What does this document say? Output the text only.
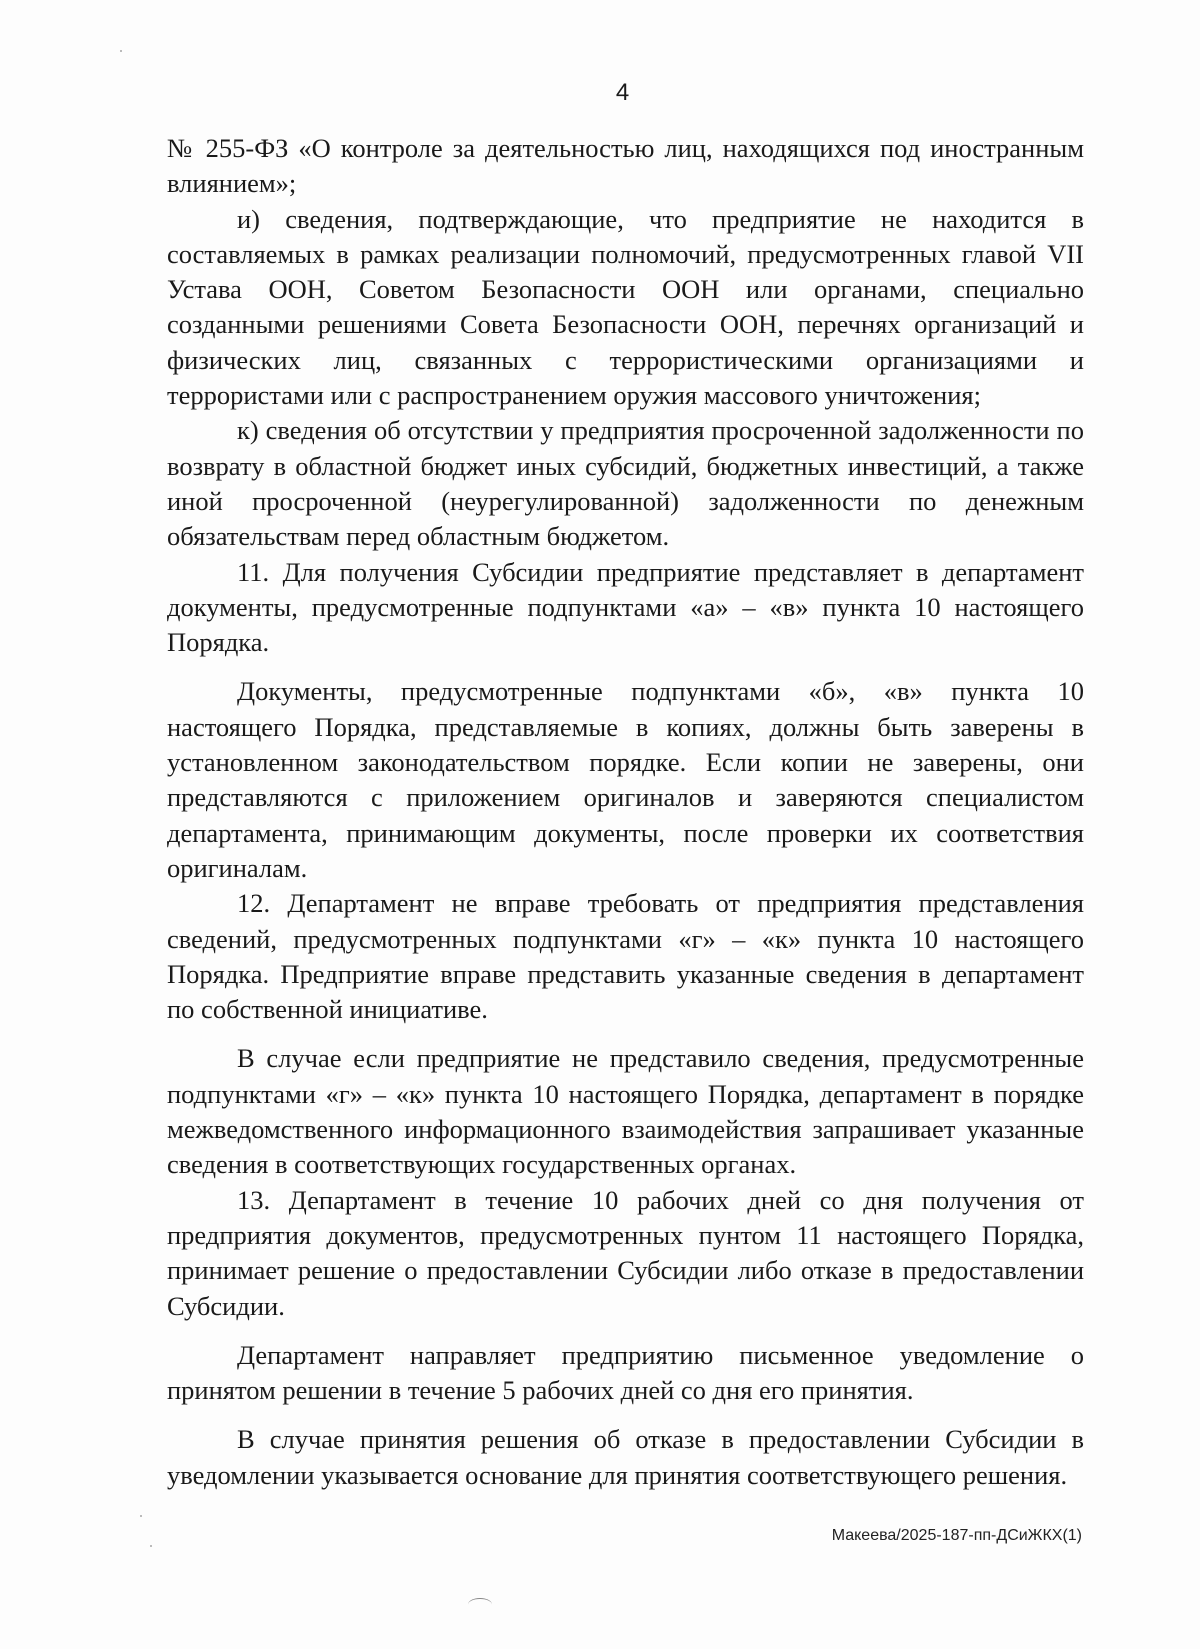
4

№ 255-ФЗ «О контроле за деятельностью лиц, находящихся под иностранным влиянием»;

и) сведения, подтверждающие, что предприятие не находится в составляемых в рамках реализации полномочий, предусмотренных главой VII Устава ООН, Советом Безопасности ООН или органами, специально созданными решениями Совета Безопасности ООН, перечнях организаций и физических лиц, связанных с террористическими организациями и террористами или с распространением оружия массового уничтожения;

к) сведения об отсутствии у предприятия просроченной задолженности по возврату в областной бюджет иных субсидий, бюджетных инвестиций, а также иной просроченной (неурегулированной) задолженности по денежным обязательствам перед областным бюджетом.

11. Для получения Субсидии предприятие представляет в департамент документы, предусмотренные подпунктами «а» – «в» пункта 10 настоящего Порядка.

Документы, предусмотренные подпунктами «б», «в» пункта 10 настоящего Порядка, представляемые в копиях, должны быть заверены в установленном законодательством порядке. Если копии не заверены, они представляются с приложением оригиналов и заверяются специалистом департамента, принимающим документы, после проверки их соответствия оригиналам.

12. Департамент не вправе требовать от предприятия представления сведений, предусмотренных подпунктами «г» – «к» пункта 10 настоящего Порядка. Предприятие вправе представить указанные сведения в департамент по собственной инициативе.

В случае если предприятие не представило сведения, предусмотренные подпунктами «г» – «к» пункта 10 настоящего Порядка, департамент в порядке межведомственного информационного взаимодействия запрашивает указанные сведения в соответствующих государственных органах.

13. Департамент в течение 10 рабочих дней со дня получения от предприятия документов, предусмотренных пунтом 11 настоящего Порядка, принимает решение о предоставлении Субсидии либо отказе в предоставлении Субсидии.

Департамент направляет предприятию письменное уведомление о принятом решении в течение 5 рабочих дней со дня его принятия.

В случае принятия решения об отказе в предоставлении Субсидии в уведомлении указывается основание для принятия соответствующего решения.

Макеева/2025-187-пп-ДСиЖКХ(1)
